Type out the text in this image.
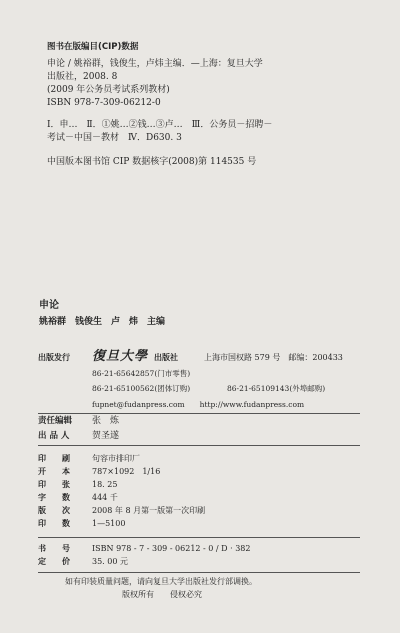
图书在版编目(CIP)数据
申论 / 姚裕群，钱俊生，卢炜主编．—上海：复旦大学
出版社，2008. 8
(2009 年公务员考试系列教材)
ISBN 978-7-309-06212-0
Ⅰ．申…　Ⅱ．①姚…②钱…③卢…　Ⅲ．公务员－招聘－
考试－中国－教材　Ⅳ．D630. 3
中国版本图书馆 CIP 数据核字(2008)第 114535 号
申论
姚裕群　钱俊生　卢　炜　主编
出版发行 復旦大學 出版社	上海市国权路 579 号　邮编：200433
86-21-65642857(门市零售)
86-21-65100562(团体订购)	86-21-65109143(外埠邮购)
fupnet@fudanpress.com　　http://www.fudanpress.com
责任编辑 张　炼
出 品 人	贺圣遂
印　　刷	句容市排印厂
开　　本	787×1092　1/16
印　　张	18. 25
字　　数	444 千
版　　次	2008 年 8 月第一版第一次印刷
印　　数	1—5100
书　　号	ISBN 978 - 7 - 309 - 06212 - 0 / D · 382
定　　价	35. 00 元
如有印装质量问题，请向复旦大学出版社发行部调换。
版权所有　　侵权必究
